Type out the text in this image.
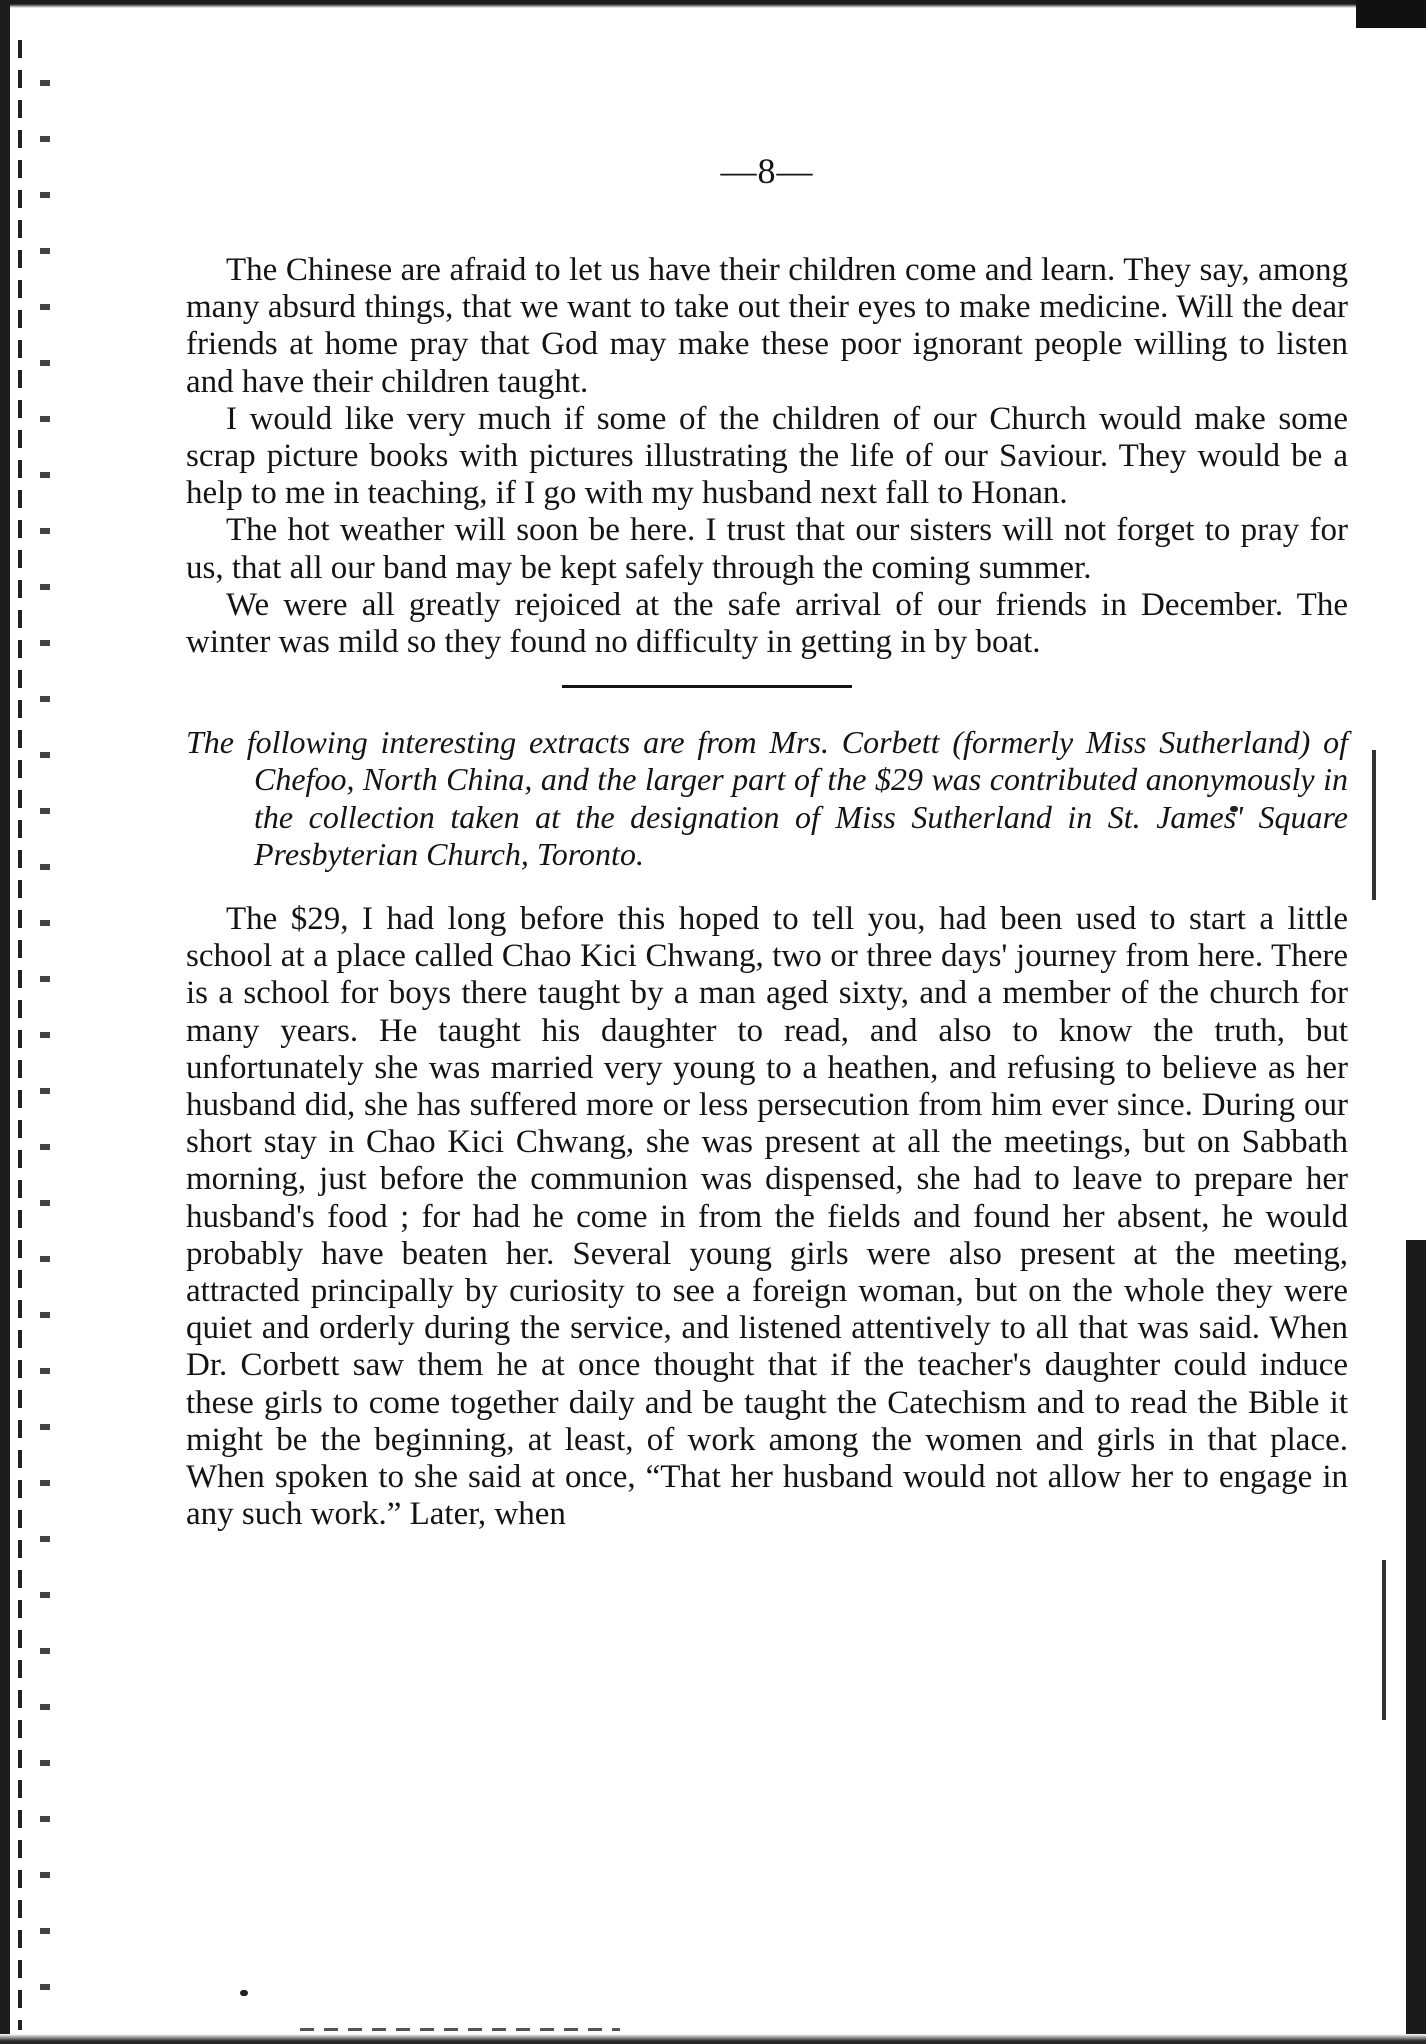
—8—

The Chinese are afraid to let us have their children come and learn. They say, among many absurd things, that we want to take out their eyes to make medicine. Will the dear friends at home pray that God may make these poor ignorant people willing to listen and have their children taught.

I would like very much if some of the children of our Church would make some scrap picture books with pictures illustrating the life of our Saviour. They would be a help to me in teaching, if I go with my husband next fall to Honan.

The hot weather will soon be here. I trust that our sisters will not forget to pray for us, that all our band may be kept safely through the coming summer.

We were all greatly rejoiced at the safe arrival of our friends in December. The winter was mild so they found no difficulty in getting in by boat.

The following interesting extracts are from Mrs. Corbett (formerly Miss Sutherland) of Chefoo, North China, and the larger part of the $29 was contributed anonymously in the collection taken at the designation of Miss Sutherland in St. James' Square Presbyterian Church, Toronto.

The $29, I had long before this hoped to tell you, had been used to start a little school at a place called Chao Kici Chwang, two or three days' journey from here. There is a school for boys there taught by a man aged sixty, and a member of the church for many years. He taught his daughter to read, and also to know the truth, but unfortunately she was married very young to a heathen, and refusing to believe as her husband did, she has suffered more or less persecution from him ever since. During our short stay in Chao Kici Chwang, she was present at all the meetings, but on Sabbath morning, just before the communion was dispensed, she had to leave to prepare her husband's food ; for had he come in from the fields and found her absent, he would probably have beaten her. Several young girls were also present at the meeting, attracted principally by curiosity to see a foreign woman, but on the whole they were quiet and orderly during the service, and listened attentively to all that was said. When Dr. Corbett saw them he at once thought that if the teacher's daughter could induce these girls to come together daily and be taught the Catechism and to read the Bible it might be the beginning, at least, of work among the women and girls in that place. When spoken to she said at once, “That her husband would not allow her to engage in any such work.” Later, when
